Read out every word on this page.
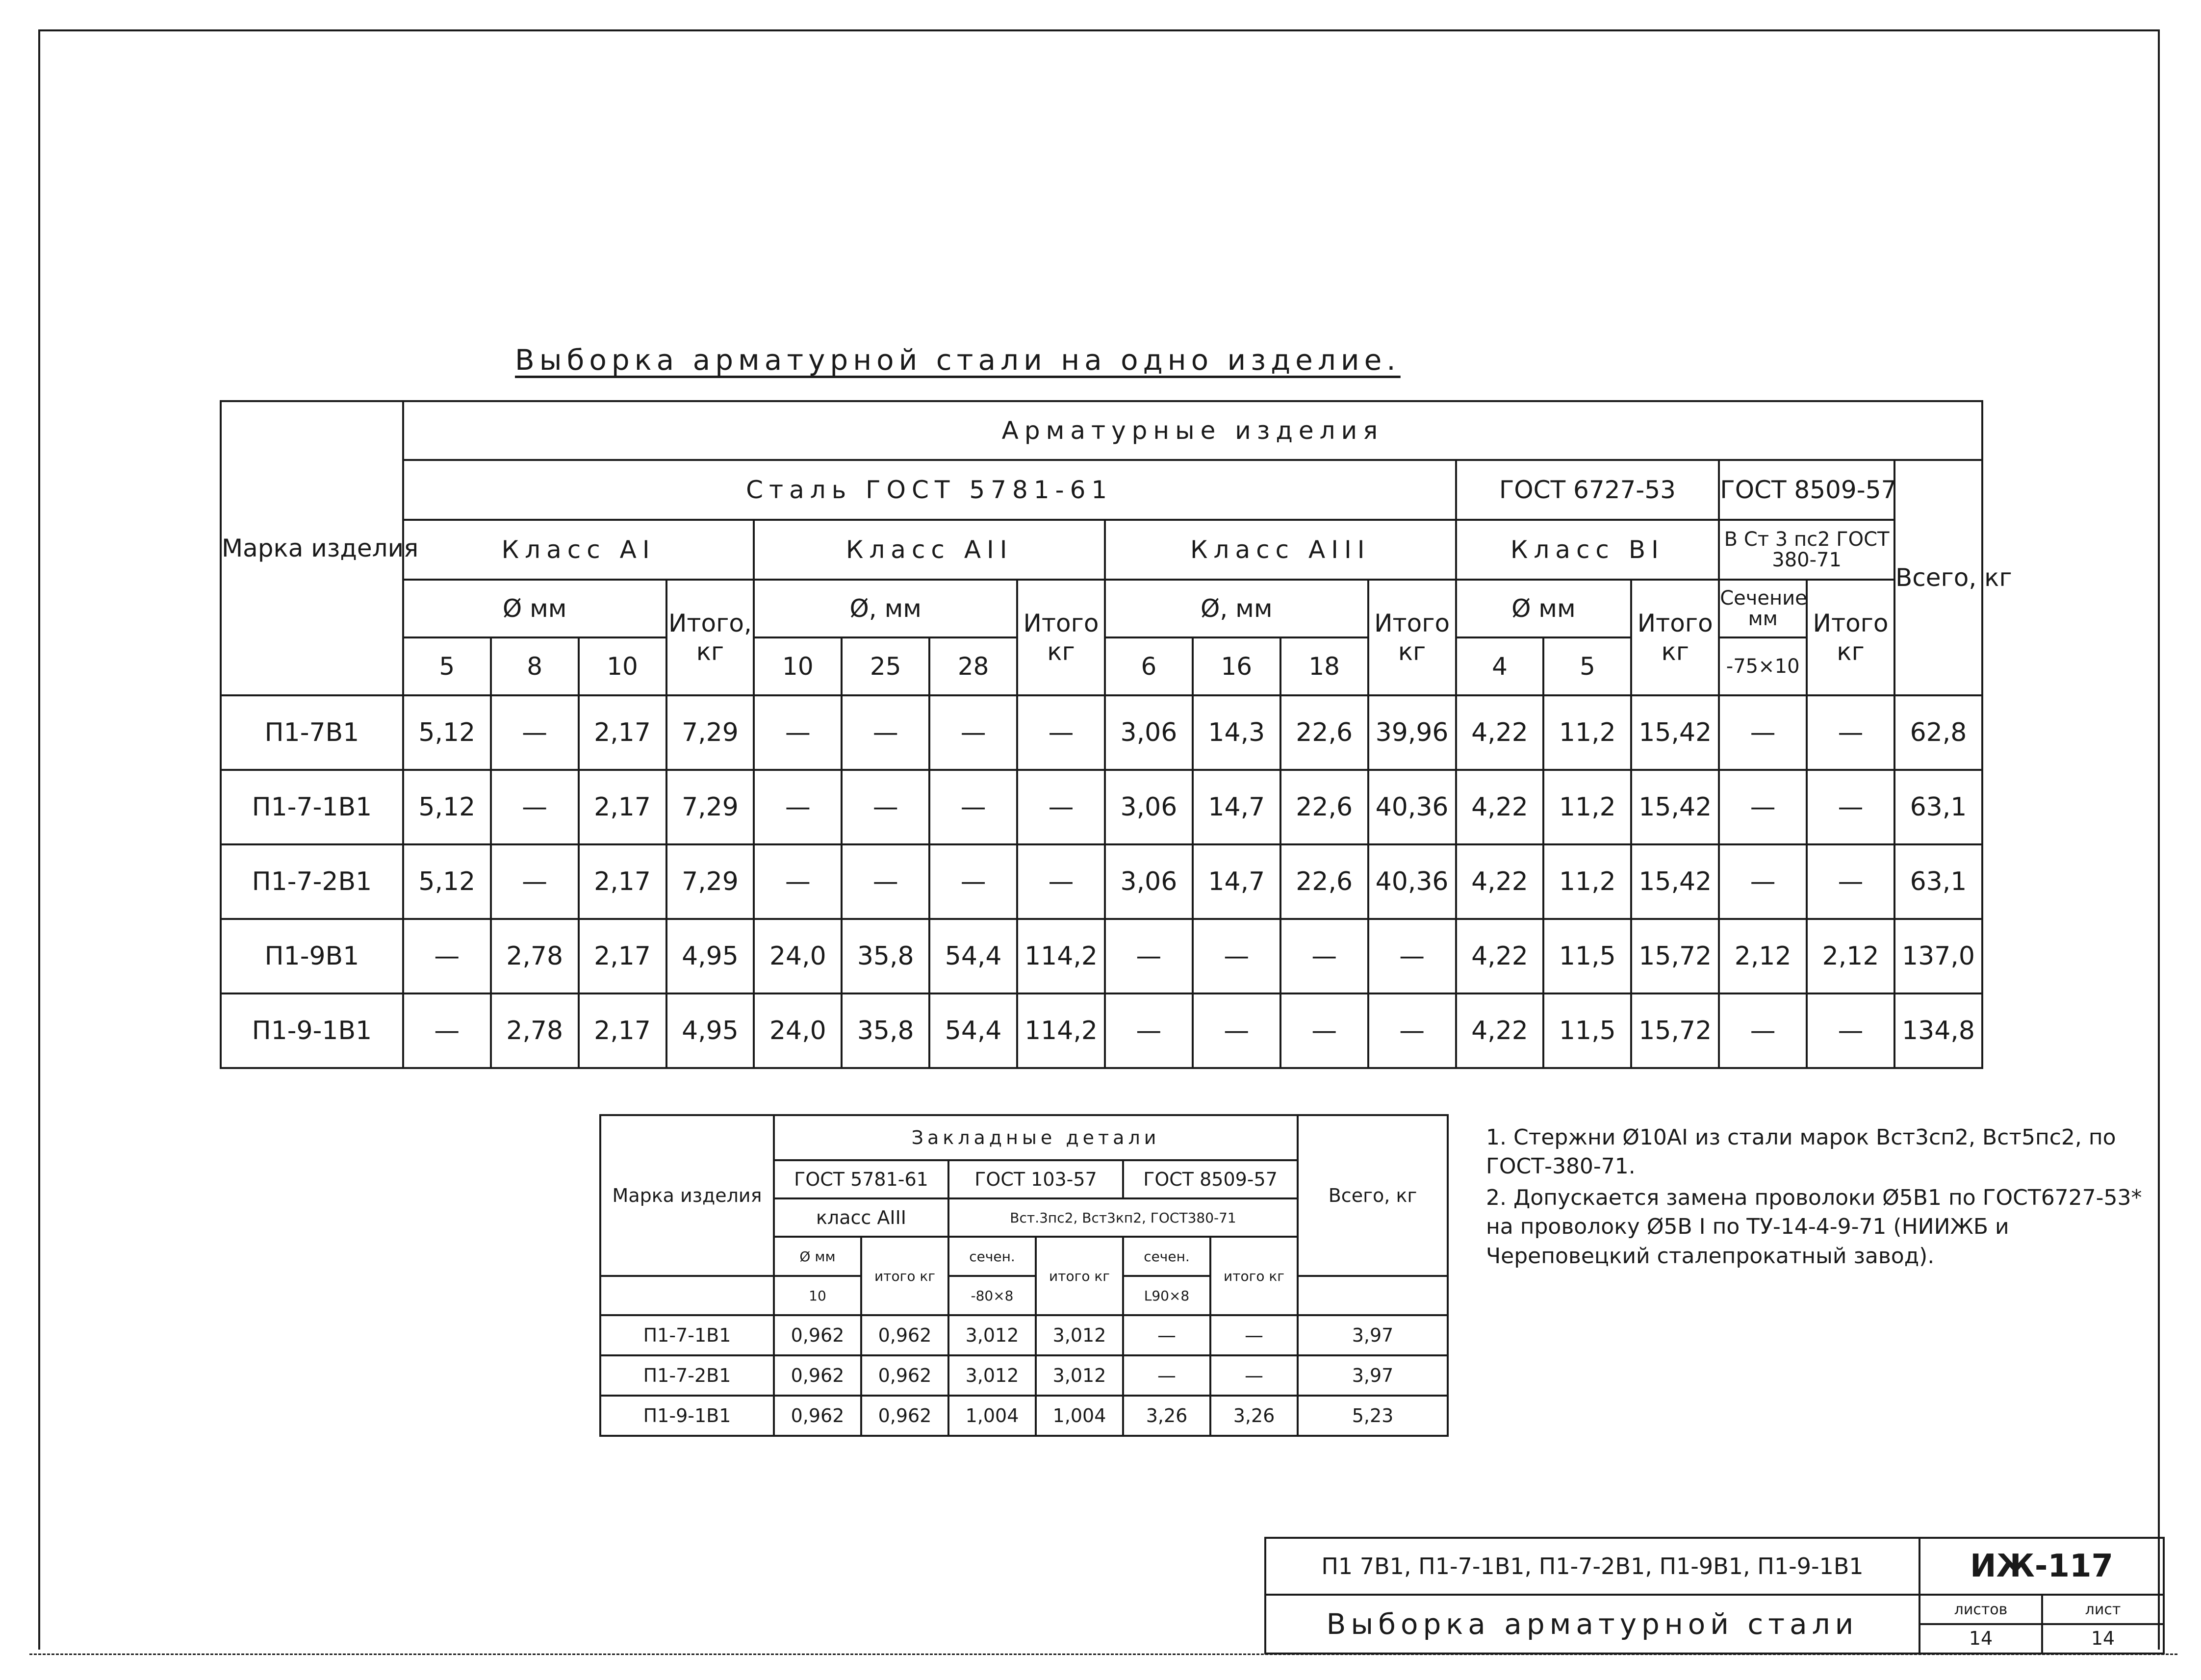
Выборка арматурной стали на одно изделие.
Марка изделия	Арматурные изделия																	
	Сталь ГОСТ 5781-61												ГОСТ 6727-53			ГОСТ 8509-57		Всего, кг
	Класс AI				Класс AII				Класс AIII				Класс BI			В Ст 3 пс2 ГОСТ 380-71		
	Ø мм			Итого, кг	Ø, мм			Итого кг	Ø, мм			Итого кг	Ø мм		Итого кг	Сечение мм	Итого кг	
	5	8	10		10	25	28		6	16	18		4	5		-75×10		
П1-7В1	5,12	—	2,17	7,29	—	—	—	—	3,06	14,3	22,6	39,96	4,22	11,2	15,42	—	—	62,8
П1-7-1В1	5,12	—	2,17	7,29	—	—	—	—	3,06	14,7	22,6	40,36	4,22	11,2	15,42	—	—	63,1
П1-7-2В1	5,12	—	2,17	7,29	—	—	—	—	3,06	14,7	22,6	40,36	4,22	11,2	15,42	—	—	63,1
П1-9В1	—	2,78	2,17	4,95	24,0	35,8	54,4	114,2	—	—	—	—	4,22	11,5	15,72	2,12	2,12	137,0
П1-9-1В1	—	2,78	2,17	4,95	24,0	35,8	54,4	114,2	—	—	—	—	4,22	11,5	15,72	—	—	134,8
Марка изделия	Закладные детали						Всего, кг
	ГОСТ 5781-61		ГОСТ 103-57		ГОСТ 8509-57		
	класс AIII		Вст.3пс2, Вст3кп2, ГОСТ380-71				
	Ø мм	итого кг	сечен.	итого кг	сечен.	итого кг	
	10		-80×8		L90×8		
П1-7-1В1	0,962	0,962	3,012	3,012	—	—	3,97
П1-7-2В1	0,962	0,962	3,012	3,012	—	—	3,97
П1-9-1В1	0,962	0,962	1,004	1,004	3,26	3,26	5,23
1. Стержни Ø10AI из стали марок Вст3сп2, Вст5пс2, по ГОСТ-380-71.
2. Допускается замена проволоки Ø5В1 по ГОСТ6727-53* на проволоку Ø5В I по ТУ-14-4-9-71 (НИИЖБ и Череповецкий сталепрокатный завод).
П1 7В1, П1-7-1В1, П1-7-2В1, П1-9В1, П1-9-1В1	ИЖ-117	
Выборка арматурной стали	листов	лист
	14	14
